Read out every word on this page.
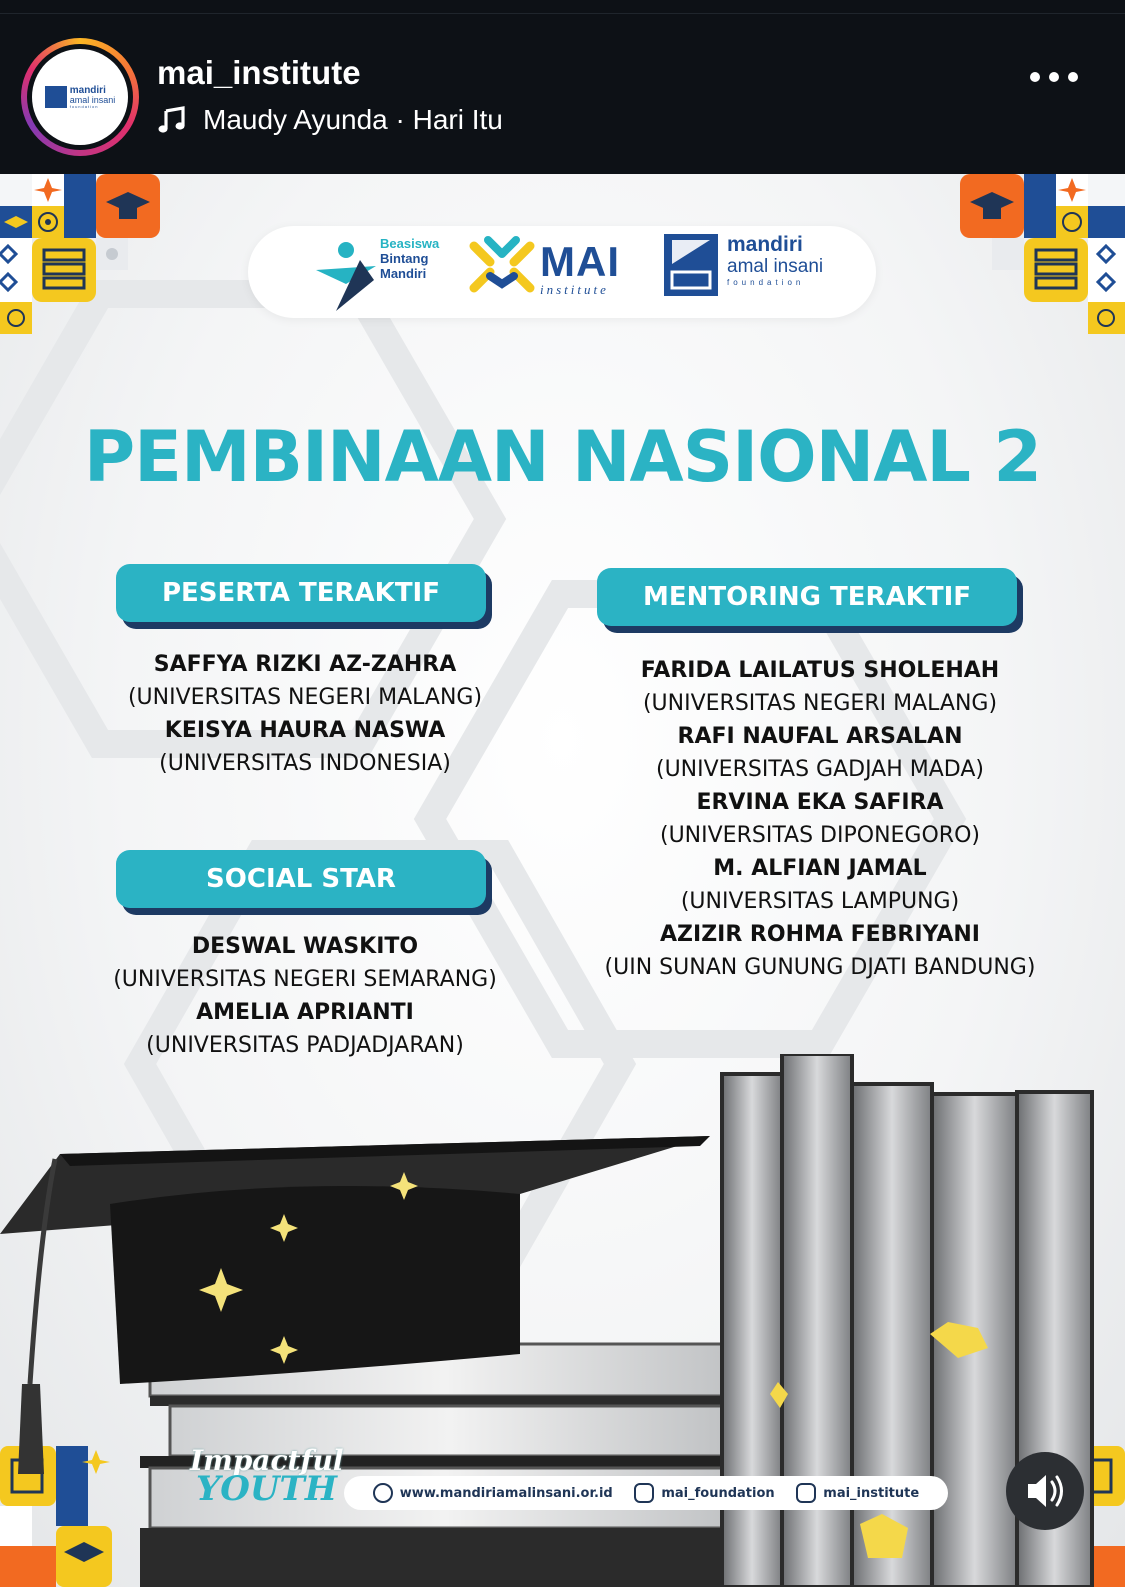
mandiri
amal insani
foundation
mai_institute
Maudy Ayunda · Hari Itu
Beasiswa
Bintang
Mandiri	MAI
institute
mandiri
amal insani
foundation
PEMBINAAN NASIONAL 2
PESERTA TERAKTIF
SAFFYA RIZKI AZ-ZAHRA
(UNIVERSITAS NEGERI MALANG)
KEISYA HAURA NASWA
(UNIVERSITAS INDONESIA)
MENTORING TERAKTIF
FARIDA LAILATUS SHOLEHAH
(UNIVERSITAS NEGERI MALANG)
RAFI NAUFAL ARSALAN
(UNIVERSITAS GADJAH MADA)
ERVINA EKA SAFIRA
(UNIVERSITAS DIPONEGORO)
M. ALFIAN JAMAL
(UNIVERSITAS LAMPUNG)
AZIZIR ROHMA FEBRIYANI
(UIN SUNAN GUNUNG DJATI BANDUNG)
SOCIAL STAR
DESWAL WASKITO
(UNIVERSITAS NEGERI SEMARANG)
AMELIA APRIANTI
(UNIVERSITAS PADJADJARAN)
Impactful
YOUTH	www.mandiriamalinsani.or.id	mai_foundation	mai_institute
